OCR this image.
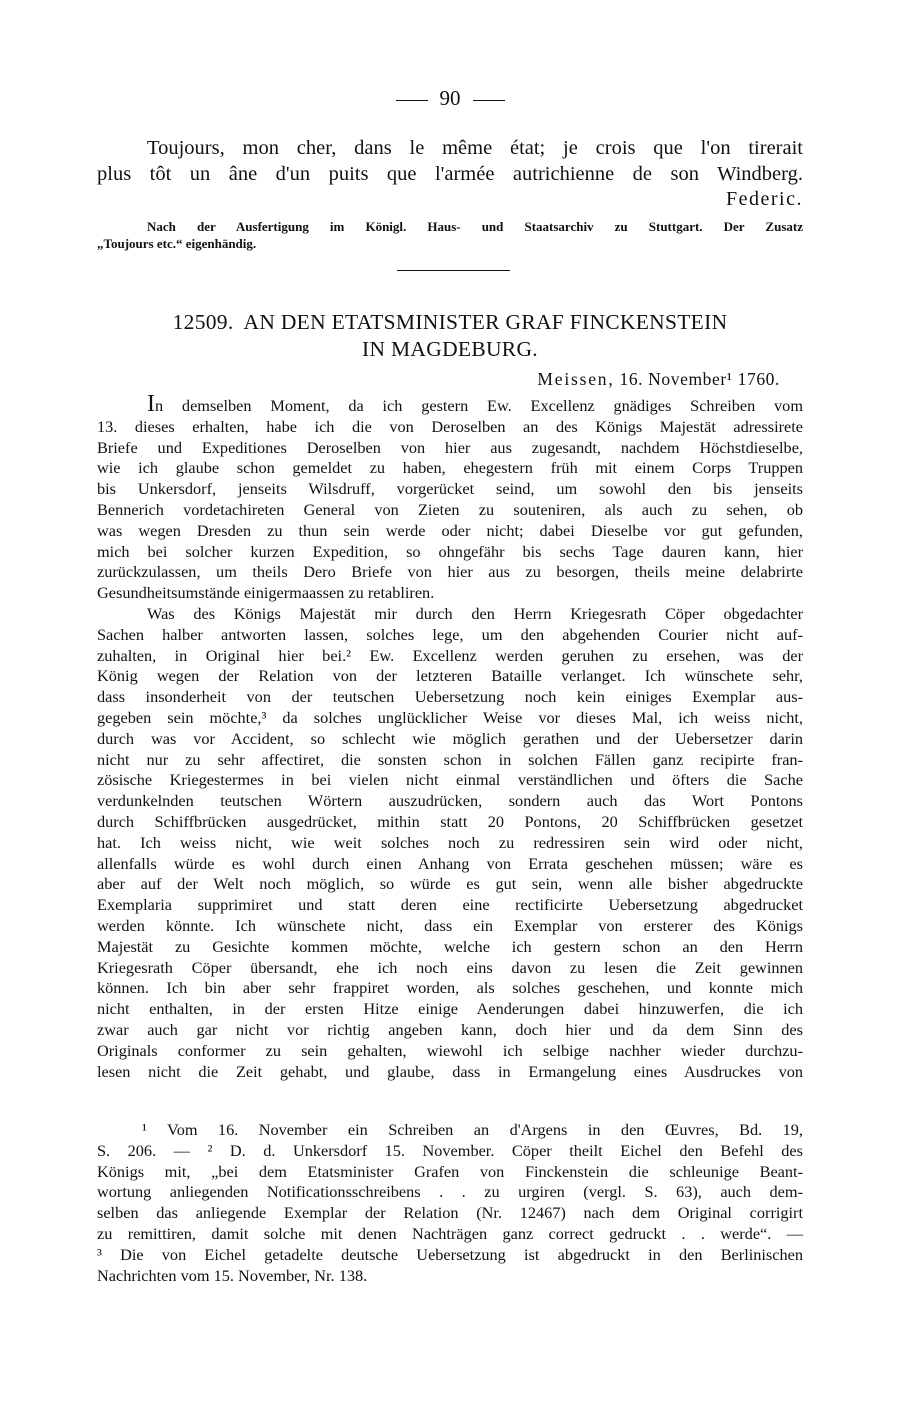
90
Toujours, mon cher, dans le même état; je crois que l'on tirerait
plus tôt un âne d'un puits que l'armée autrichienne de son Windberg.
Federic.
Nach der Ausfertigung im Königl. Haus- und Staatsarchiv zu Stuttgart. Der Zusatz
„Toujours etc.“ eigenhändig.
12509. AN DEN ETATSMINISTER GRAF FINCKENSTEIN
IN MAGDEBURG.
Meissen, 16. November¹ 1760.
In demselben Moment, da ich gestern Ew. Excellenz gnädiges Schreiben vom
13. dieses erhalten, habe ich die von Deroselben an des Königs Majestät adressirete
Briefe und Expeditiones Deroselben von hier aus zugesandt, nachdem Höchstdieselbe,
wie ich glaube schon gemeldet zu haben, ehegestern früh mit einem Corps Truppen
bis Unkersdorf, jenseits Wilsdruff, vorgerücket seind, um sowohl den bis jenseits
Bennerich vordetachireten General von Zieten zu souteniren, als auch zu sehen, ob
was wegen Dresden zu thun sein werde oder nicht; dabei Dieselbe vor gut gefunden,
mich bei solcher kurzen Expedition, so ohngefähr bis sechs Tage dauren kann, hier
zurückzulassen, um theils Dero Briefe von hier aus zu besorgen, theils meine delabrirte
Gesundheitsumstände einigermaassen zu retabliren.
Was des Königs Majestät mir durch den Herrn Kriegesrath Cöper obgedachter
Sachen halber antworten lassen, solches lege, um den abgehenden Courier nicht auf-
zuhalten, in Original hier bei.² Ew. Excellenz werden geruhen zu ersehen, was der
König wegen der Relation von der letzteren Bataille verlanget. Ich wünschete sehr,
dass insonderheit von der teutschen Uebersetzung noch kein einiges Exemplar aus-
gegeben sein möchte,³ da solches unglücklicher Weise vor dieses Mal, ich weiss nicht,
durch was vor Accident, so schlecht wie möglich gerathen und der Uebersetzer darin
nicht nur zu sehr affectiret, die sonsten schon in solchen Fällen ganz recipirte fran-
zösische Kriegestermes in bei vielen nicht einmal verständlichen und öfters die Sache
verdunkelnden teutschen Wörtern auszudrücken, sondern auch das Wort Pontons
durch Schiffbrücken ausgedrücket, mithin statt 20 Pontons, 20 Schiffbrücken gesetzet
hat. Ich weiss nicht, wie weit solches noch zu redressiren sein wird oder nicht,
allenfalls würde es wohl durch einen Anhang von Errata geschehen müssen; wäre es
aber auf der Welt noch möglich, so würde es gut sein, wenn alle bisher abgedruckte
Exemplaria supprimiret und statt deren eine rectificirte Uebersetzung abgedrucket
werden könnte. Ich wünschete nicht, dass ein Exemplar von ersterer des Königs
Majestät zu Gesichte kommen möchte, welche ich gestern schon an den Herrn
Kriegesrath Cöper übersandt, ehe ich noch eins davon zu lesen die Zeit gewinnen
können. Ich bin aber sehr frappiret worden, als solches geschehen, und konnte mich
nicht enthalten, in der ersten Hitze einige Aenderungen dabei hinzuwerfen, die ich
zwar auch gar nicht vor richtig angeben kann, doch hier und da dem Sinn des
Originals conformer zu sein gehalten, wiewohl ich selbige nachher wieder durchzu-
lesen nicht die Zeit gehabt, und glaube, dass in Ermangelung eines Ausdruckes von
¹ Vom 16. November ein Schreiben an d'Argens in den Œuvres, Bd. 19,
S. 206. — ² D. d. Unkersdorf 15. November. Cöper theilt Eichel den Befehl des
Königs mit, „bei dem Etatsminister Grafen von Finckenstein die schleunige Beant-
wortung anliegenden Notificationsschreibens . . zu urgiren (vergl. S. 63), auch dem-
selben das anliegende Exemplar der Relation (Nr. 12467) nach dem Original corrigirt
zu remittiren, damit solche mit denen Nachträgen ganz correct gedruckt . . werde“. —
³ Die von Eichel getadelte deutsche Uebersetzung ist abgedruckt in den Berlinischen
Nachrichten vom 15. November, Nr. 138.
